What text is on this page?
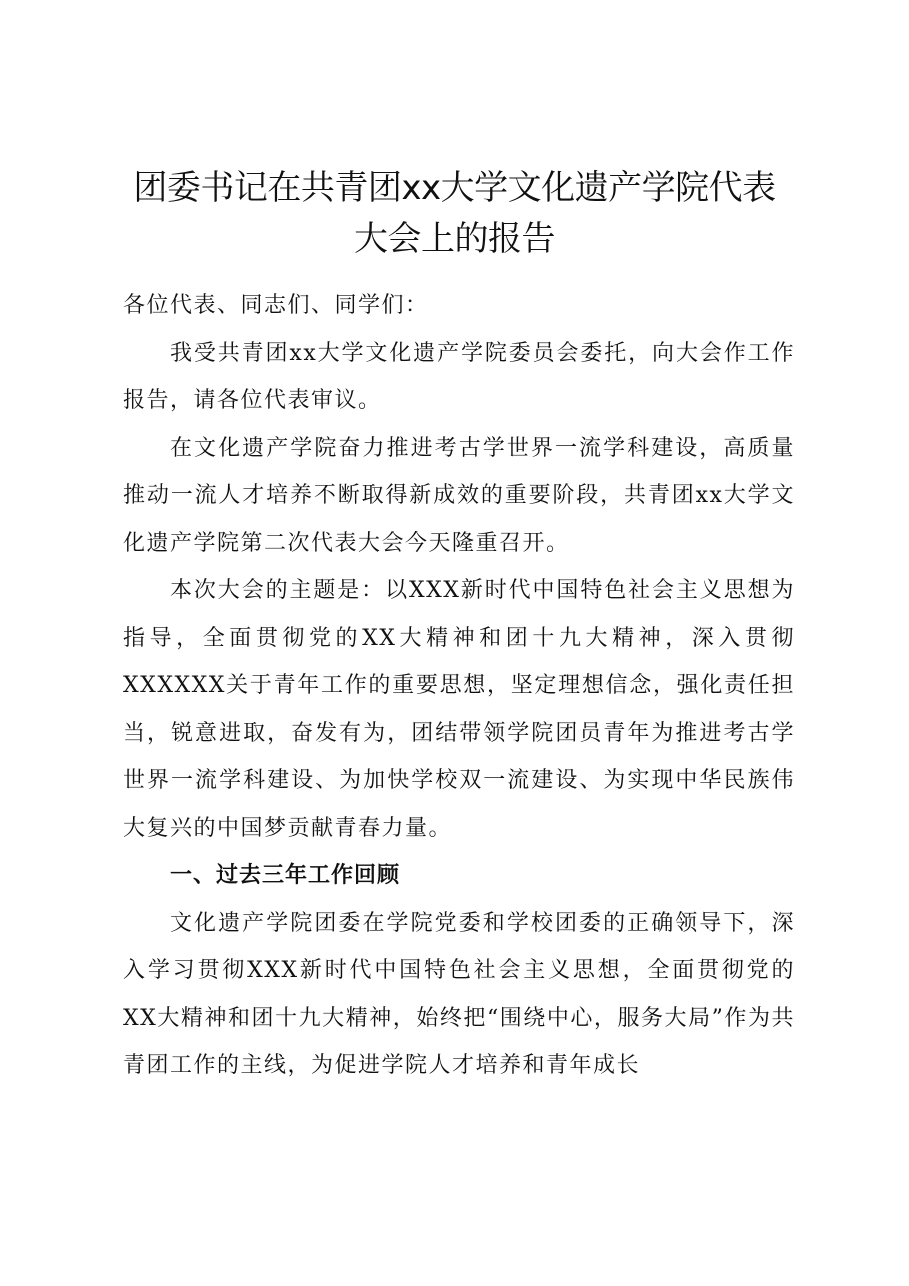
团委书记在共青团xx大学文化遗产学院代表
大会上的报告

各位代表、同志们、同学们：

我受共青团xx大学文化遗产学院委员会委托，向大会作工作报告，请各位代表审议。

在文化遗产学院奋力推进考古学世界一流学科建设，高质量推动一流人才培养不断取得新成效的重要阶段，共青团xx大学文化遗产学院第二次代表大会今天隆重召开。

本次大会的主题是：以XXX新时代中国特色社会主义思想为指导，全面贯彻党的XX大精神和团十九大精神，深入贯彻XXXXXX关于青年工作的重要思想，坚定理想信念，强化责任担当，锐意进取，奋发有为，团结带领学院团员青年为推进考古学世界一流学科建设、为加快学校双一流建设、为实现中华民族伟大复兴的中国梦贡献青春力量。

一、过去三年工作回顾

文化遗产学院团委在学院党委和学校团委的正确领导下，深入学习贯彻XXX新时代中国特色社会主义思想，全面贯彻党的XX大精神和团十九大精神，始终把“围绕中心，服务大局”作为共青团工作的主线，为促进学院人才培养和青年成长
